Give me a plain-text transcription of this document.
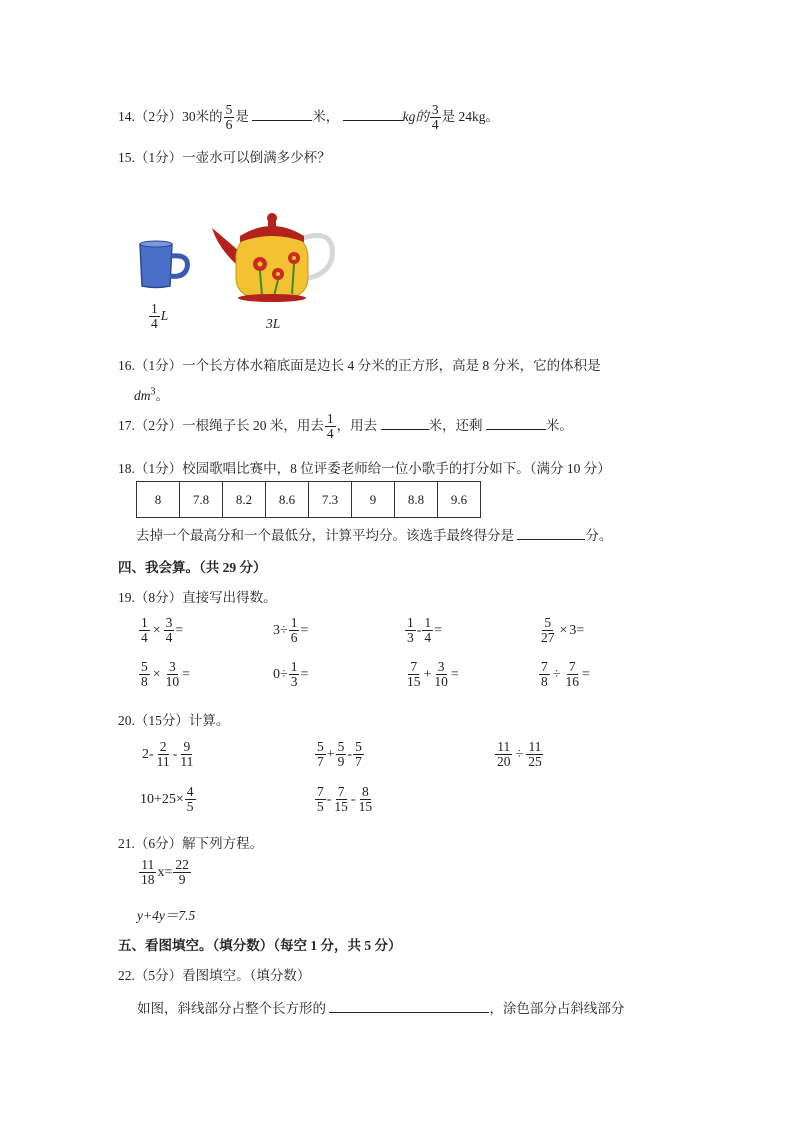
14.（2分）30米的 $\frac{5}{6}$ 是	米，	kg的 $\frac{3}{4}$ 是 24kg。
15.（1分）一壶水可以倒满多少杯？
$\frac{1}{4}$ L
3L
16.（1分）一个长方体水箱底面是边长 4 分米的正方形，高是 8 分米，它的体积是
$dm^3$。
17.（2分）一根绳子长 20 米，用去 $\frac{1}{4}$ ，用去	米，还剩	米。
18.（1分）校园歌唱比赛中，8 位评委老师给一位小歌手的打分如下。（满分 10 分）
8	7.8	8.2	8.6	7.3	9	8.8	9.6
去掉一个最高分和一个最低分，计算平均分。该选手最终得分是	分。
四、我会算。（共 29 分）
19.（8分）直接写出得数。
$\frac{1}{4} \times \frac{3}{4}$ =	$3\div \frac{1}{6}$ =	$\frac{1}{3} - \frac{1}{4}$ =	$\frac{5}{27} \times 3=$
$\frac{5}{8} \times \frac{3}{10}$ =	$0\div \frac{1}{3}$ =	$\frac{7}{15} + \frac{3}{10}$ =	$\frac{7}{8} \div \frac{7}{16}$ =
20.（15分）计算。
$2- \frac{2}{11} - \frac{9}{11}$	$\frac{5}{7} + \frac{5}{9} - \frac{5}{7}$	$\frac{11}{20} \div \frac{11}{25}$
$10+25\times \frac{4}{5}$	$\frac{7}{5} - \frac{7}{15} - \frac{8}{15}$
21.（6分）解下列方程。
$\frac{11}{18} x= \frac{22}{9}$
y+4y＝7.5
五、看图填空。（填分数）（每空 1 分，共 5 分）
22.（5分）看图填空。（填分数）
如图，斜线部分占整个长方形的	，涂色部分占斜线部分
